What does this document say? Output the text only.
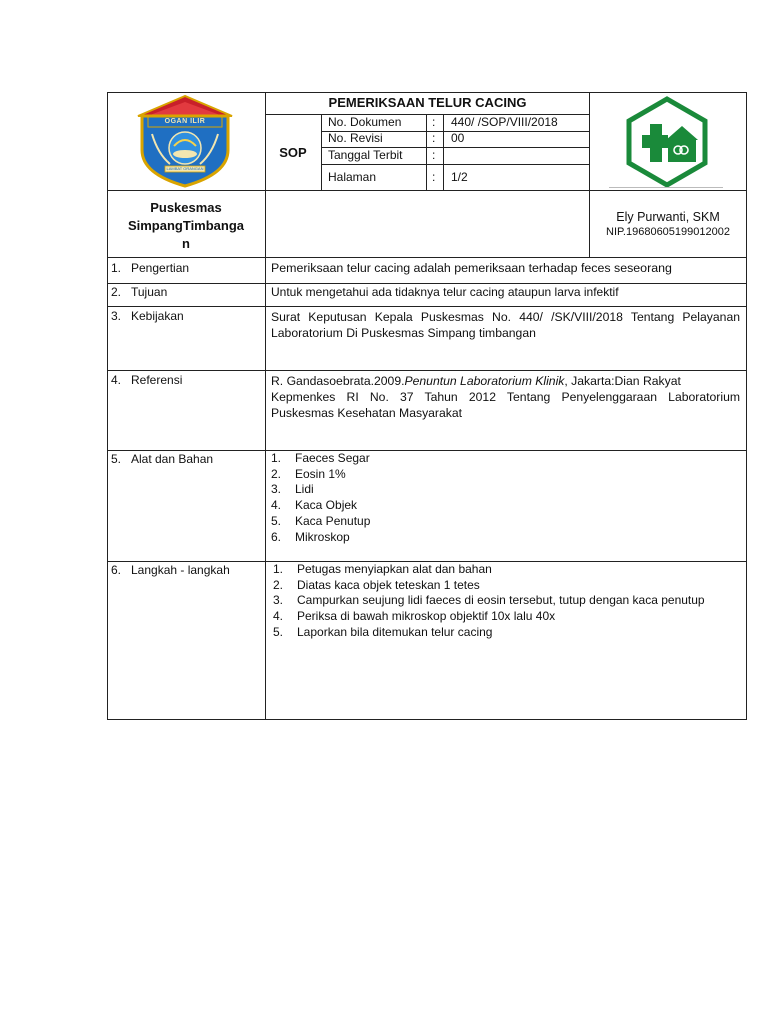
OGAN ILIR
LAMBAT ORANGAN
PEMERIKSAAN TELUR CACING
SOP
No. Dokumen	: 440/ /SOP/VIII/2018
No. Revisi	: 00
Tanggal Terbit :
Halaman	: 1/2
Puskesmas
SimpangTimbanga
n
Ely Purwanti, SKM
NIP.19680605199012002
1. Pengertian	Pemeriksaan telur cacing adalah pemeriksaan terhadap feces seseorang
2. Tujuan	Untuk mengetahui ada tidaknya telur cacing ataupun larva infektif
3. Kebijakan	Surat Keputusan Kepala Puskesmas No. 440/ /SK/VIII/2018 Tentang Pelayanan Laboratorium Di Puskesmas Simpang timbangan
4. Referensi	R. Gandasoebrata.2009.Penuntun Laboratorium Klinik, Jakarta:Dian Rakyat
Kepmenkes RI No. 37 Tahun 2012 Tentang Penyelenggaraan Laboratorium Puskesmas Kesehatan Masyarakat
5. Alat dan Bahan	1. Faeces Segar
2. Eosin 1%
3. Lidi
4. Kaca Objek
5. Kaca Penutup
6. Mikroskop
6. Langkah - langkah	1. Petugas menyiapkan alat dan bahan
2. Diatas kaca objek teteskan 1 tetes
3. Campurkan seujung lidi faeces di eosin tersebut, tutup dengan kaca penutup
4. Periksa di bawah mikroskop objektif 10x lalu 40x
5. Laporkan bila ditemukan telur cacing
